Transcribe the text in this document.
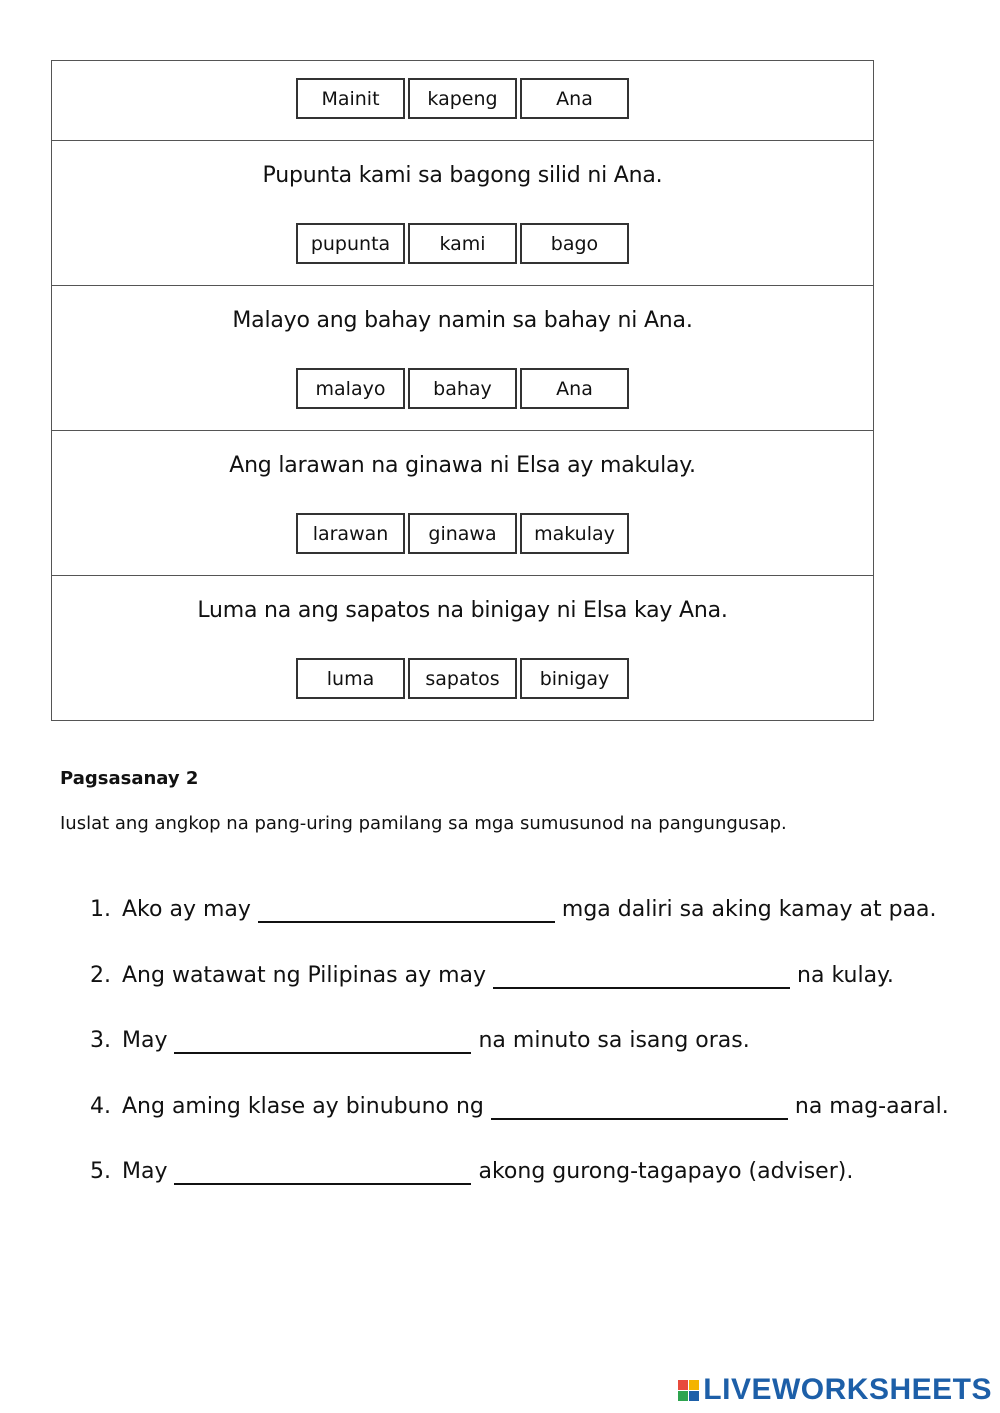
Mainit	kapeng	Ana
Pupunta kami sa bagong silid ni Ana.
pupunta	kami	bago
Malayo ang bahay namin sa bahay ni Ana.
malayo	bahay	Ana
Ang larawan na ginawa ni Elsa ay makulay.
larawan	ginawa	makulay
Luma na ang sapatos na binigay ni Elsa kay Ana.
luma	sapatos	binigay
Pagsasanay 2
Iuslat ang angkop na pang-uring pamilang sa mga sumusunod na pangungusap.
1. Ako ay may	mga daliri sa aking kamay at paa.
2. Ang watawat ng Pilipinas ay may	na kulay.
3. May	na minuto sa isang oras.
4. Ang aming klase ay binubuno ng	na mag-aaral.
5. May	akong gurong-tagapayo (adviser).
LIVEWORKSHEETS
